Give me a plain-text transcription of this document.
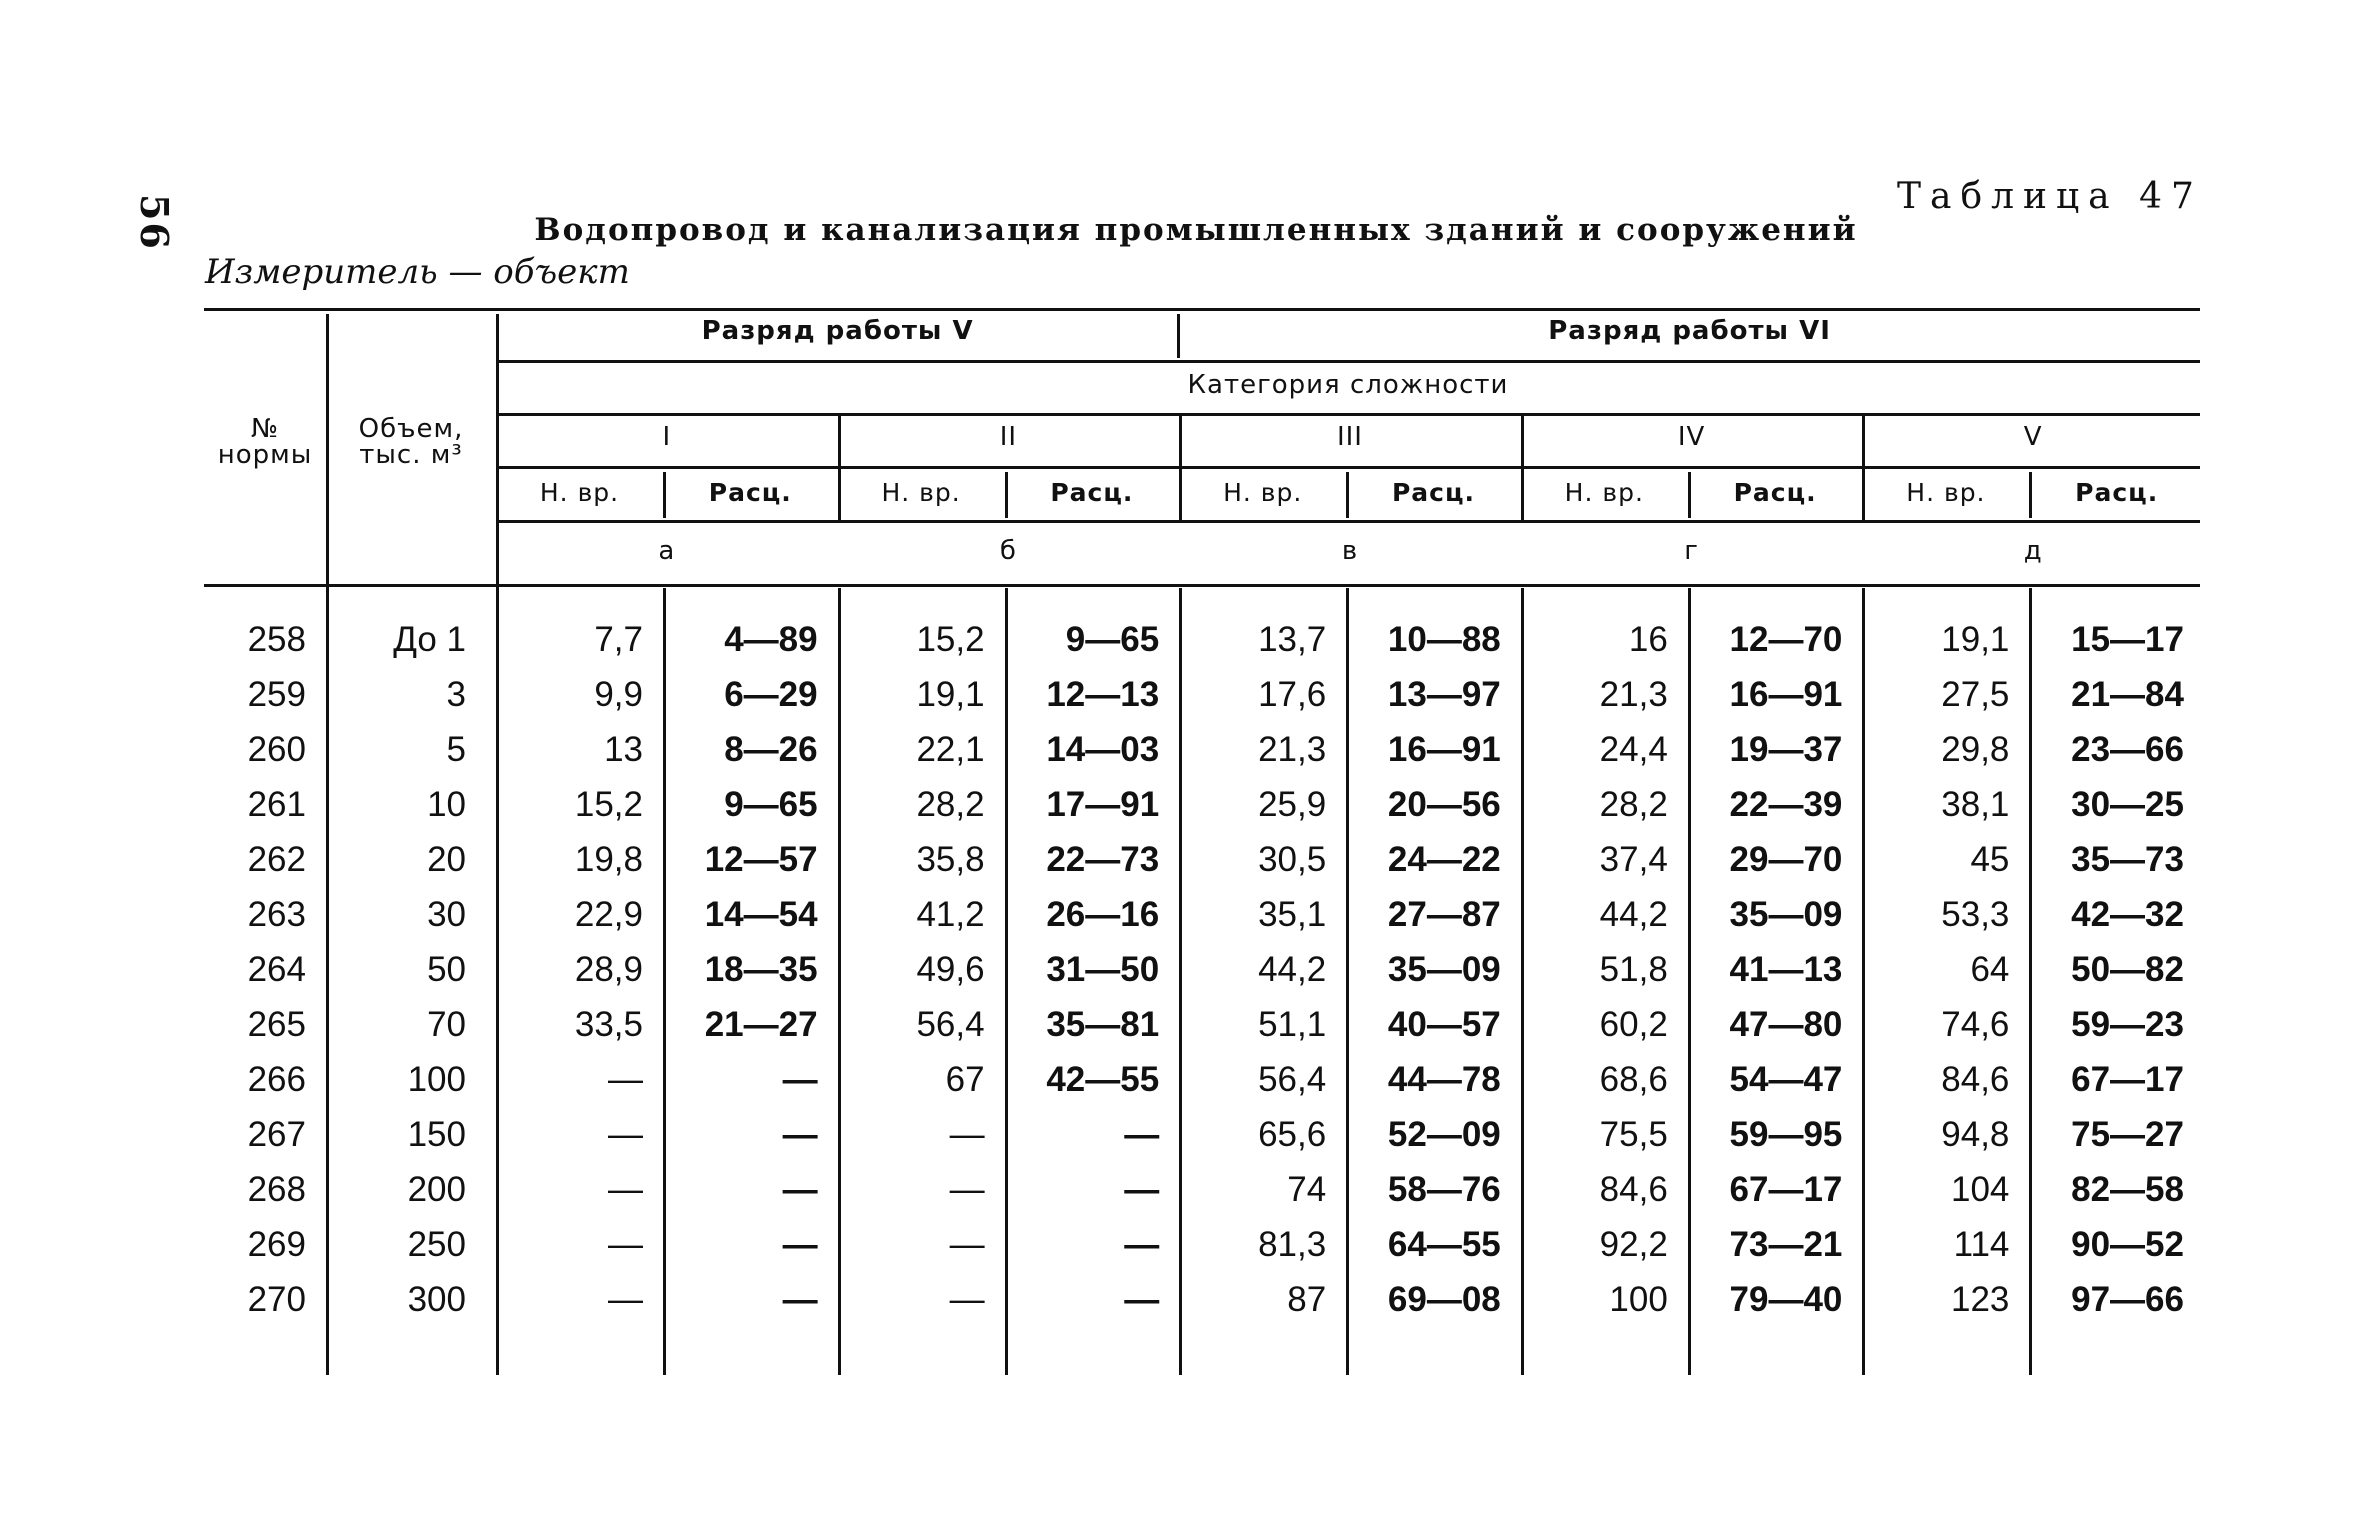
56	Таблица 47
Водопровод и канализация промышленных зданий и сооружений
Измеритель — объект
№
нормы
Объем,
тыс. м³
Разряд работы V	Разряд работы VI
Категория сложности
I
Н. вр.	Расц.
а
II
Н. вр.	Расц.
б
III
Н. вр.	Расц.
в
IV
Н. вр.	Расц.
г
V
Н. вр.	Расц.
д
258	До 1	7,7	4—89	15,2	9—65	13,7	10—88	16	12—70	19,1	15—17
259	3	9,9	6—29	19,1	12—13	17,6	13—97	21,3	16—91	27,5	21—84
260	5	13	8—26	22,1	14—03	21,3	16—91	24,4	19—37	29,8	23—66
261	10	15,2	9—65	28,2	17—91	25,9	20—56	28,2	22—39	38,1	30—25
262	20	19,8	12—57	35,8	22—73	30,5	24—22	37,4	29—70	45	35—73
263	30	22,9	14—54	41,2	26—16	35,1	27—87	44,2	35—09	53,3	42—32
264	50	28,9	18—35	49,6	31—50	44,2	35—09	51,8	41—13	64	50—82
265	70	33,5	21—27	56,4	35—81	51,1	40—57	60,2	47—80	74,6	59—23
266	100	—	—	67	42—55	56,4	44—78	68,6	54—47	84,6	67—17
267	150	—	—	—	—	65,6	52—09	75,5	59—95	94,8	75—27
268	200	—	—	—	—	74	58—76	84,6	67—17	104	82—58
269	250	—	—	—	—	81,3	64—55	92,2	73—21	114	90—52
270	300	—	—	—	—	87	69—08	100	79—40	123	97—66
